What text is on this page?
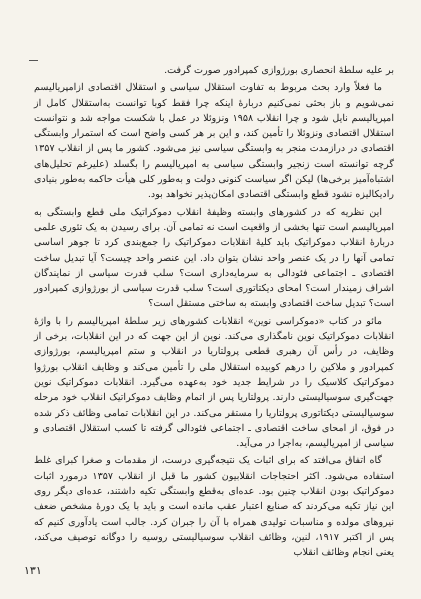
بر علیه سلطهٔ انحصاری بورژوازی کمپرادور صورت گرفت.

ما فعلاً وارد بحث مربوط به تفاوت استقلال سیاسی و استقلال اقتصادی ازامپریالیسم نمی‌شویم و باز بحثی نمی‌کنیم دربارهٔ اینکه چرا فقط کوبا توانست به‌استقلال کامل از امپریالیسم نایل شود و چرا انقلاب ۱۹۵۸ ونزوئلا در عمل با شکست مواجه شد و نتوانست استقلال اقتصادی ونزوئلا را تأمین کند، و این بر هر کسی واضح است که استمرار وابستگی اقتصادی در درازمدت منجر به وابستگی سیاسی نیز می‌شود. کشور ما پس از انقلاب ۱۳۵۷ گرچه توانسته است زنجیر وابستگی سیاسی به امپریالیسم را بگسلد (علیرغم تحلیل‌های اشتباه‌آمیز برخی‌ها) لیکن اگر سیاست کنونی دولت و به‌طور کلی هیأت حاکمه به‌طور بنیادی رادیکالیزه نشود قطع وابستگی اقتصادی امکان‌پذیر نخواهد بود.

این نظریه که در کشورهای وابسته وظیفهٔ انقلاب دموکراتیک ملی قطع وابستگی به امپریالیسم است تنها بخشی از واقعیت است نه تمامی آن. برای رسیدن به یک تئوری علمی دربارهٔ انقلاب دموکراتیک باید کلیهٔ انقلابات دموکراتیک را جمع‌بندی کرد تا جوهر اساسی تمامی آنها را در یک عنصر واحد نشان بتوان داد. این عنصر واحد چیست؟ آیا تبدیل ساخت اقتصادی ـ اجتماعی فئودالی به سرمایه‌داری است؟ سلب قدرت سیاسی از نمایندگان اشراف زمیندار است؟ امحای دیکتاتوری است؟ سلب قدرت سیاسی از بورژوازی کمپرادور است؟ تبدیل ساخت اقتصادی وابسته به ساختی مستقل است؟

مائو در کتاب «دموکراسی نوین» انقلابات کشورهای زیر سلطهٔ امپریالیسم را با واژهٔ انقلابات دموکراتیک نوین نامگذاری می‌کند. نوین از این جهت که در این انقلابات، برخی از وظایف، در رأس آن رهبری قطعی پرولتاریا در انقلاب و ستم امپریالیسم، بورژوازی کمپرادور و ملاکین را درهم کوبیده استقلال ملی را تأمین می‌کند و وظایف انقلاب بورژوا دموکراتیک کلاسیک را در شرایط جدید خود به‌عهده می‌گیرد. انقلابات دموکراتیک نوین جهت‌گیری سوسیالیستی دارند. پرولتاریا پس از اتمام وظایف دموکراتیک انقلاب خود مرحله سوسیالیستی دیکتاتوری پرولتاریا را مستقر می‌کند. در این انقلابات تمامی وظائف ذکر شده در فوق، از امحای ساخت اقتصادی ـ اجتماعی فئودالی گرفته تا کسب استقلال اقتصادی و سیاسی از امپریالیسم، به‌اجرا در می‌آید.

گاه اتفاق می‌افتد که برای اثبات یک نتیجه‌گیری درست، از مقدمات و صغرا کبرای غلط استفاده می‌شود. اکثر احتجاجات انقلابیون کشور ما قبل از انقلاب ۱۳۵۷ درمورد اثبات دموکراتیک بودن انقلاب چنین بود. عده‌ای به‌قطع وابستگی تکیه داشتند، عده‌ای دیگر روی این نیاز تکیه می‌کردند که صنایع اعتبار عقب مانده است و باید با یک دورهٔ مشخص ضعف نیروهای مولده و مناسبات تولیدی همراه با آن را جبران کرد. جالب است یادآوری کنیم که پس از اکتبر ۱۹۱۷، لنین، وظائف انقلاب سوسیالیستی روسیه را دوگانه توصیف می‌کند، یعنی انجام وظائف انقلاب

۱۳۱
